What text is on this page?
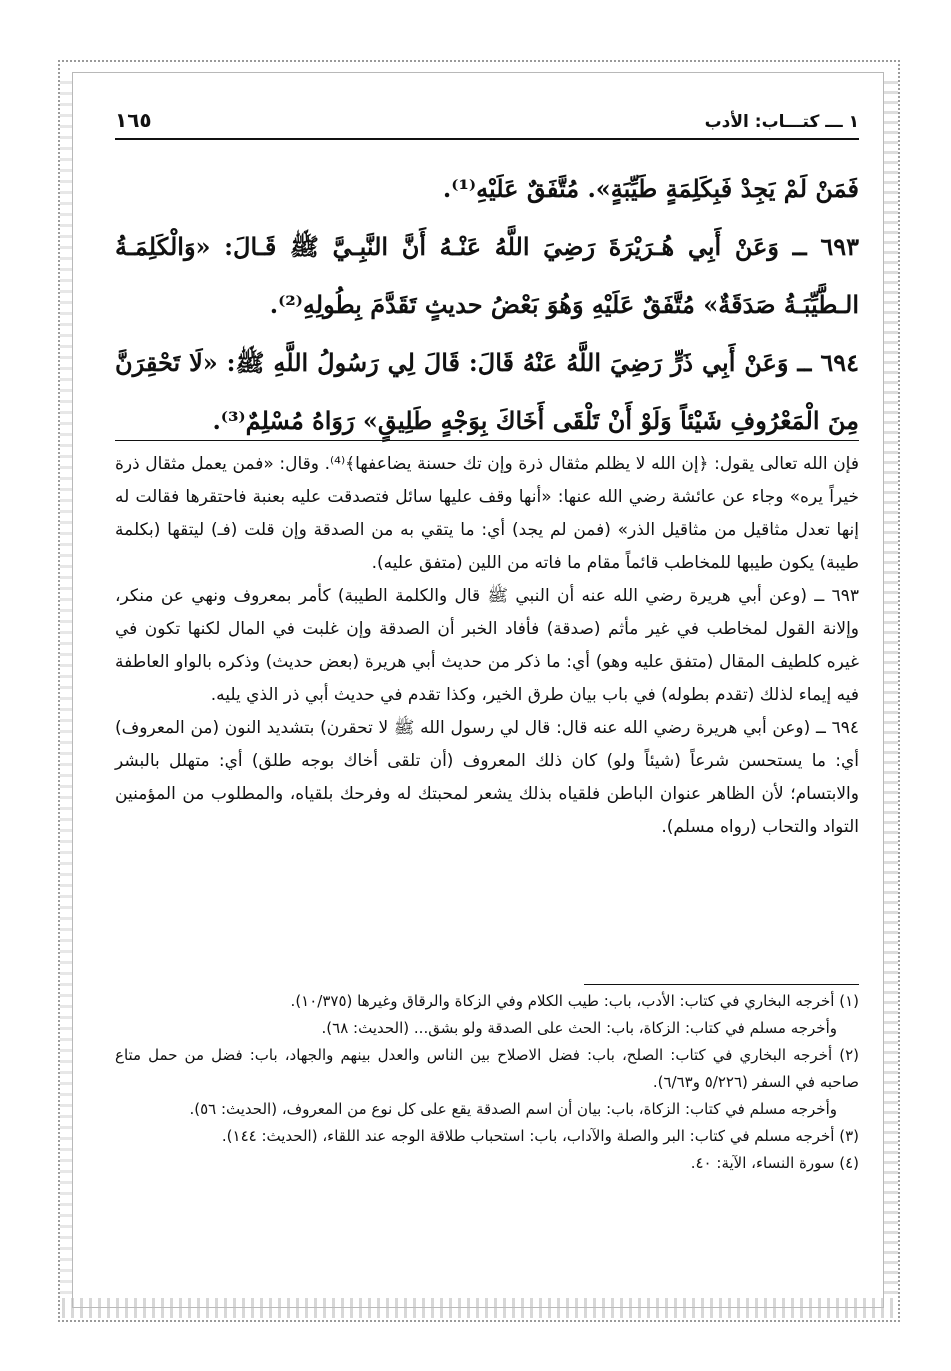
١ ـــ كتـــاب: الأدب
١٦٥

فَمَنْ لَمْ يَجِدْ فَبِكَلِمَةٍ طَيِّبَةٍ». مُتَّفَقٌ عَلَيْهِ⁽¹⁾.

٦٩٣ ــ وَعَنْ أَبِي هُـرَيْرَةَ رَضِيَ اللَّهُ عَنْـهُ أَنَّ النَّبِـيَّ ﷺ قَـالَ: «وَالْكَلِمَـةُ الـطَّيِّبَـةُ صَدَقَةٌ» مُتَّفَقٌ عَلَيْهِ وَهُوَ بَعْضُ حديثٍ تَقَدَّمَ بِطُولِهِ⁽²⁾.

٦٩٤ ــ وَعَنْ أَبِي ذَرٍّ رَضِيَ اللَّهُ عَنْهُ قَالَ: قَالَ لِي رَسُولُ اللَّهِ ﷺ: «لَا تَحْقِرَنَّ مِنَ الْمَعْرُوفِ شَيْئاً وَلَوْ أَنْ تَلْقَى أَخَاكَ بِوَجْهٍ طَلِيقٍ» رَوَاهُ مُسْلِمٌ⁽³⁾.

فإن الله تعالى يقول: ﴿إن الله لا يظلم مثقال ذرة وإن تك حسنة يضاعفها﴾⁽⁴⁾. وقال: «فمن يعمل مثقال ذرة خيراً يره» وجاء عن عائشة رضي الله عنها: «أنها وقف عليها سائل فتصدقت عليه بعنبة فاحتقرها فقالت له إنها تعدل مثاقيل من مثاقيل الذر» (فمن لم يجد) أي: ما يتقي به من الصدقة وإن قلت (فـ) ليتقها (بكلمة طيبة) يكون طيبها للمخاطب قائماً مقام ما فاته من اللين (متفق عليه).

٦٩٣ ــ (وعن أبي هريرة رضي الله عنه أن النبي ﷺ قال والكلمة الطيبة) كأمر بمعروف ونهي عن منكر، وإلانة القول لمخاطب في غير مأثم (صدقة) فأفاد الخبر أن الصدقة وإن غلبت في المال لكنها تكون في غيره كلطيف المقال (متفق عليه وهو) أي: ما ذكر من حديث أبي هريرة (بعض حديث) وذكره بالواو العاطفة فيه إيماء لذلك (تقدم بطوله) في باب بيان طرق الخير، وكذا تقدم في حديث أبي ذر الذي يليه.

٦٩٤ ــ (وعن أبي هريرة رضي الله عنه قال: قال لي رسول الله ﷺ لا تحقرن) بتشديد النون (من المعروف) أي: ما يستحسن شرعاً (شيئاً ولو) كان ذلك المعروف (أن تلقى أخاك بوجه طلق) أي: متهلل بالبشر والابتسام؛ لأن الظاهر عنوان الباطن فلقياه بذلك يشعر لمحبتك له وفرحك بلقياه، والمطلوب من المؤمنين التواد والتحاب (رواه مسلم).

(١) أخرجه البخاري في كتاب: الأدب، باب: طيب الكلام وفي الزكاة والرقاق وغيرها (١٠/٣٧٥).

وأخرجه مسلم في كتاب: الزكاة، باب: الحث على الصدقة ولو بشق... (الحديث: ٦٨).

(٢) أخرجه البخاري في كتاب: الصلح، باب: فضل الاصلاح بين الناس والعدل بينهم والجهاد، باب: فضل من حمل متاع صاحبه في السفر (٥/٢٢٦ و٦/٦٣).

وأخرجه مسلم في كتاب: الزكاة، باب: بيان أن اسم الصدقة يقع على كل نوع من المعروف، (الحديث: ٥٦).

(٣) أخرجه مسلم في كتاب: البر والصلة والآداب، باب: استحباب طلاقة الوجه عند اللقاء، (الحديث: ١٤٤).

(٤) سورة النساء، الآية: ٤٠.
